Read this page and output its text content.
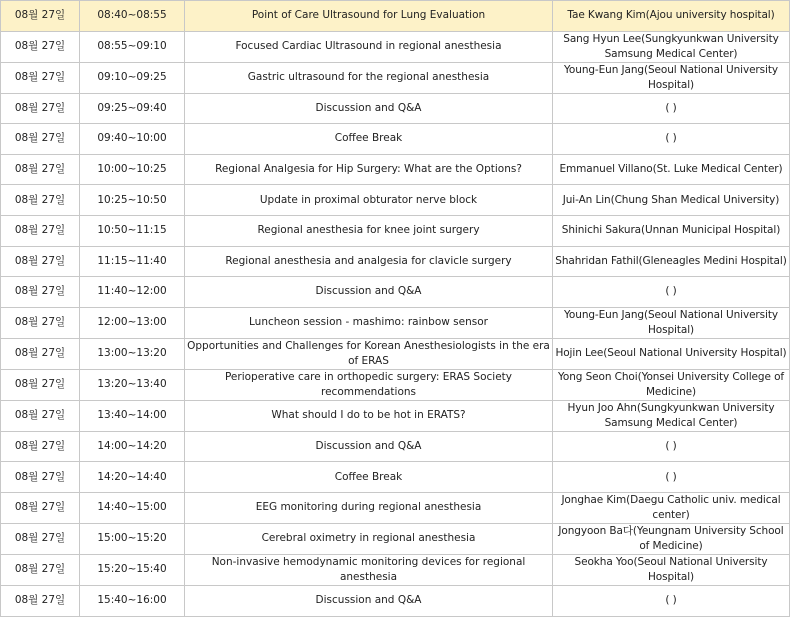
08월 27일	08:40~08:55	Point of Care Ultrasound for Lung Evaluation	Tae Kwang Kim(Ajou university hospital)
08월 27일	08:55~09:10	Focused Cardiac Ultrasound in regional anesthesia	Sang Hyun Lee(Sungkyunkwan University Samsung Medical Center)
08월 27일	09:10~09:25	Gastric ultrasound for the regional anesthesia	Young-Eun Jang(Seoul National University Hospital)
08월 27일	09:25~09:40	Discussion and Q&A	( )
08월 27일	09:40~10:00	Coffee Break	( )
08월 27일	10:00~10:25	Regional Analgesia for Hip Surgery: What are the Options?	Emmanuel Villano(St. Luke Medical Center)
08월 27일	10:25~10:50	Update in proximal obturator nerve block	Jui-An Lin(Chung Shan Medical University)
08월 27일	10:50~11:15	Regional anesthesia for knee joint surgery	Shinichi Sakura(Unnan Municipal Hospital)
08월 27일	11:15~11:40	Regional anesthesia and analgesia for clavicle surgery	Shahridan Fathil(Gleneagles Medini Hospital)
08월 27일	11:40~12:00	Discussion and Q&A	( )
08월 27일	12:00~13:00	Luncheon session - mashimo: rainbow sensor	Young-Eun Jang(Seoul National University Hospital)
08월 27일	13:00~13:20	Opportunities and Challenges for Korean Anesthesiologists in the era of ERAS	Hojin Lee(Seoul National University Hospital)
08월 27일	13:20~13:40	Perioperative care in orthopedic surgery: ERAS Society recommendations	Yong Seon Choi(Yonsei University College of Medicine)
08월 27일	13:40~14:00	What should I do to be hot in ERATS?	Hyun Joo Ahn(Sungkyunkwan University Samsung Medical Center)
08월 27일	14:00~14:20	Discussion and Q&A	( )
08월 27일	14:20~14:40	Coffee Break	( )
08월 27일	14:40~15:00	EEG monitoring during regional anesthesia	Jonghae Kim(Daegu Catholic univ. medical center)
08월 27일	15:00~15:20	Cerebral oximetry in regional anesthesia	Jongyoon Ba다(Yeungnam University School of Medicine)
08월 27일	15:20~15:40	Non-invasive hemodynamic monitoring devices for regional anesthesia	Seokha Yoo(Seoul National University Hospital)
08월 27일	15:40~16:00	Discussion and Q&A	( )
